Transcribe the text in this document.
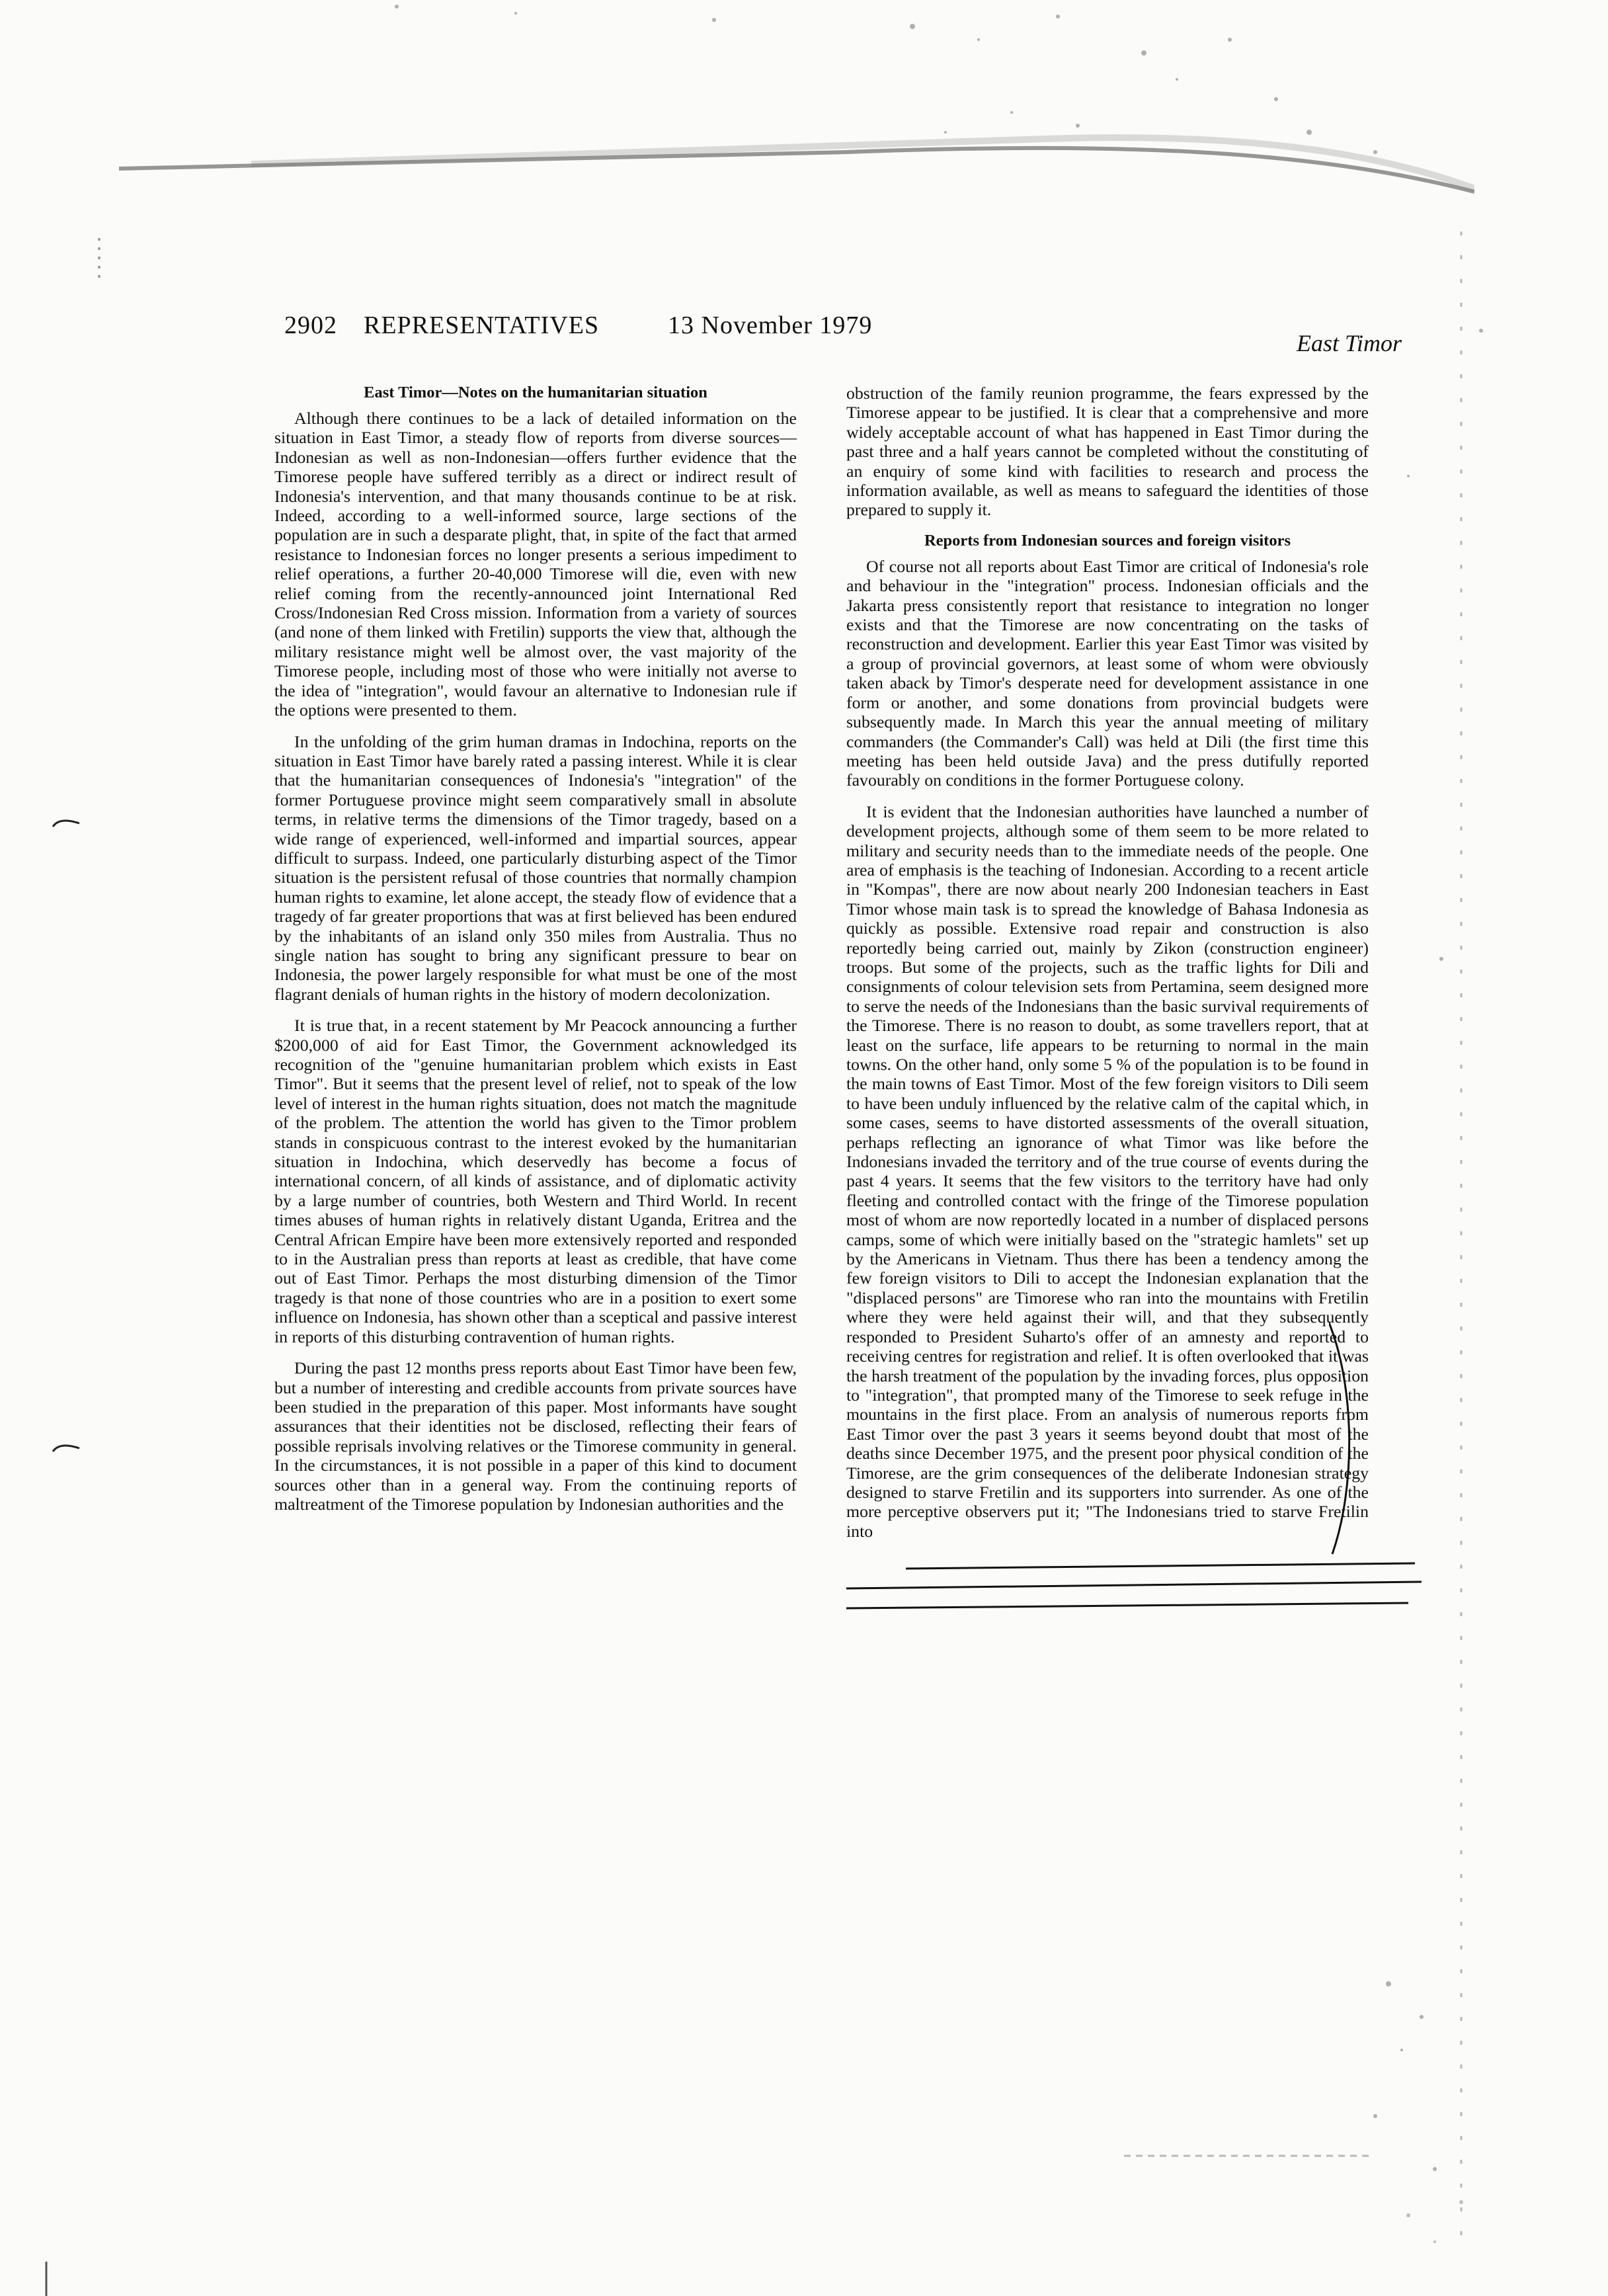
2902 REPRESENTATIVES	13 November 1979
East Timor
East Timor—Notes on the humanitarian situation

Although there continues to be a lack of detailed information on the situation in East Timor, a steady flow of reports from diverse sources—Indonesian as well as non-Indonesian—offers further evidence that the Timorese people have suffered terribly as a direct or indirect result of Indonesia's intervention, and that many thousands continue to be at risk. Indeed, according to a well-informed source, large sections of the population are in such a desparate plight, that, in spite of the fact that armed resistance to Indonesian forces no longer presents a serious impediment to relief operations, a further 20-40,000 Timorese will die, even with new relief coming from the recently-announced joint International Red Cross/Indonesian Red Cross mission. Information from a variety of sources (and none of them linked with Fretilin) supports the view that, although the military resistance might well be almost over, the vast majority of the Timorese people, including most of those who were initially not averse to the idea of "integration", would favour an alternative to Indonesian rule if the options were presented to them.

In the unfolding of the grim human dramas in Indochina, reports on the situation in East Timor have barely rated a passing interest. While it is clear that the humanitarian consequences of Indonesia's "integration" of the former Portuguese province might seem comparatively small in absolute terms, in relative terms the dimensions of the Timor tragedy, based on a wide range of experienced, well-informed and impartial sources, appear difficult to surpass. Indeed, one particularly disturbing aspect of the Timor situation is the persistent refusal of those countries that normally champion human rights to examine, let alone accept, the steady flow of evidence that a tragedy of far greater proportions that was at first believed has been endured by the inhabitants of an island only 350 miles from Australia. Thus no single nation has sought to bring any significant pressure to bear on Indonesia, the power largely responsible for what must be one of the most flagrant denials of human rights in the history of modern decolonization.

It is true that, in a recent statement by Mr Peacock announcing a further $200,000 of aid for East Timor, the Government acknowledged its recognition of the "genuine humanitarian problem which exists in East Timor". But it seems that the present level of relief, not to speak of the low level of interest in the human rights situation, does not match the magnitude of the problem. The attention the world has given to the Timor problem stands in conspicuous contrast to the interest evoked by the humanitarian situation in Indochina, which deservedly has become a focus of international concern, of all kinds of assistance, and of diplomatic activity by a large number of countries, both Western and Third World. In recent times abuses of human rights in relatively distant Uganda, Eritrea and the Central African Empire have been more extensively reported and responded to in the Australian press than reports at least as credible, that have come out of East Timor. Perhaps the most disturbing dimension of the Timor tragedy is that none of those countries who are in a position to exert some influence on Indonesia, has shown other than a sceptical and passive interest in reports of this disturbing contravention of human rights.

During the past 12 months press reports about East Timor have been few, but a number of interesting and credible accounts from private sources have been studied in the preparation of this paper. Most informants have sought assurances that their identities not be disclosed, reflecting their fears of possible reprisals involving relatives or the Timorese community in general. In the circumstances, it is not possible in a paper of this kind to document sources other than in a general way. From the continuing reports of maltreatment of the Timorese population by Indonesian authorities and the

obstruction of the family reunion programme, the fears expressed by the Timorese appear to be justified. It is clear that a comprehensive and more widely acceptable account of what has happened in East Timor during the past three and a half years cannot be completed without the constituting of an enquiry of some kind with facilities to research and process the information available, as well as means to safeguard the identities of those prepared to supply it.

Reports from Indonesian sources and foreign visitors

Of course not all reports about East Timor are critical of Indonesia's role and behaviour in the "integration" process. Indonesian officials and the Jakarta press consistently report that resistance to integration no longer exists and that the Timorese are now concentrating on the tasks of reconstruction and development. Earlier this year East Timor was visited by a group of provincial governors, at least some of whom were obviously taken aback by Timor's desperate need for development assistance in one form or another, and some donations from provincial budgets were subsequently made. In March this year the annual meeting of military commanders (the Commander's Call) was held at Dili (the first time this meeting has been held outside Java) and the press dutifully reported favourably on conditions in the former Portuguese colony.

It is evident that the Indonesian authorities have launched a number of development projects, although some of them seem to be more related to military and security needs than to the immediate needs of the people. One area of emphasis is the teaching of Indonesian. According to a recent article in "Kompas", there are now about nearly 200 Indonesian teachers in East Timor whose main task is to spread the knowledge of Bahasa Indonesia as quickly as possible. Extensive road repair and construction is also reportedly being carried out, mainly by Zikon (construction engineer) troops. But some of the projects, such as the traffic lights for Dili and consignments of colour television sets from Pertamina, seem designed more to serve the needs of the Indonesians than the basic survival requirements of the Timorese. There is no reason to doubt, as some travellers report, that at least on the surface, life appears to be returning to normal in the main towns. On the other hand, only some 5 % of the population is to be found in the main towns of East Timor. Most of the few foreign visitors to Dili seem to have been unduly influenced by the relative calm of the capital which, in some cases, seems to have distorted assessments of the overall situation, perhaps reflecting an ignorance of what Timor was like before the Indonesians invaded the territory and of the true course of events during the past 4 years. It seems that the few visitors to the territory have had only fleeting and controlled contact with the fringe of the Timorese population most of whom are now reportedly located in a number of displaced persons camps, some of which were initially based on the "strategic hamlets" set up by the Americans in Vietnam. Thus there has been a tendency among the few foreign visitors to Dili to accept the Indonesian explanation that the "displaced persons" are Timorese who ran into the mountains with Fretilin where they were held against their will, and that they subsequently responded to President Suharto's offer of an amnesty and reported to receiving centres for registration and relief. It is often overlooked that it was the harsh treatment of the population by the invading forces, plus opposition to "integration", that prompted many of the Timorese to seek refuge in the mountains in the first place. From an analysis of numerous reports from East Timor over the past 3 years it seems beyond doubt that most of the deaths since December 1975, and the present poor physical condition of the Timorese, are the grim consequences of the deliberate Indonesian strategy designed to starve Fretilin and its supporters into surrender. As one of the more perceptive observers put it; "The Indonesians tried to starve Fretilin into
